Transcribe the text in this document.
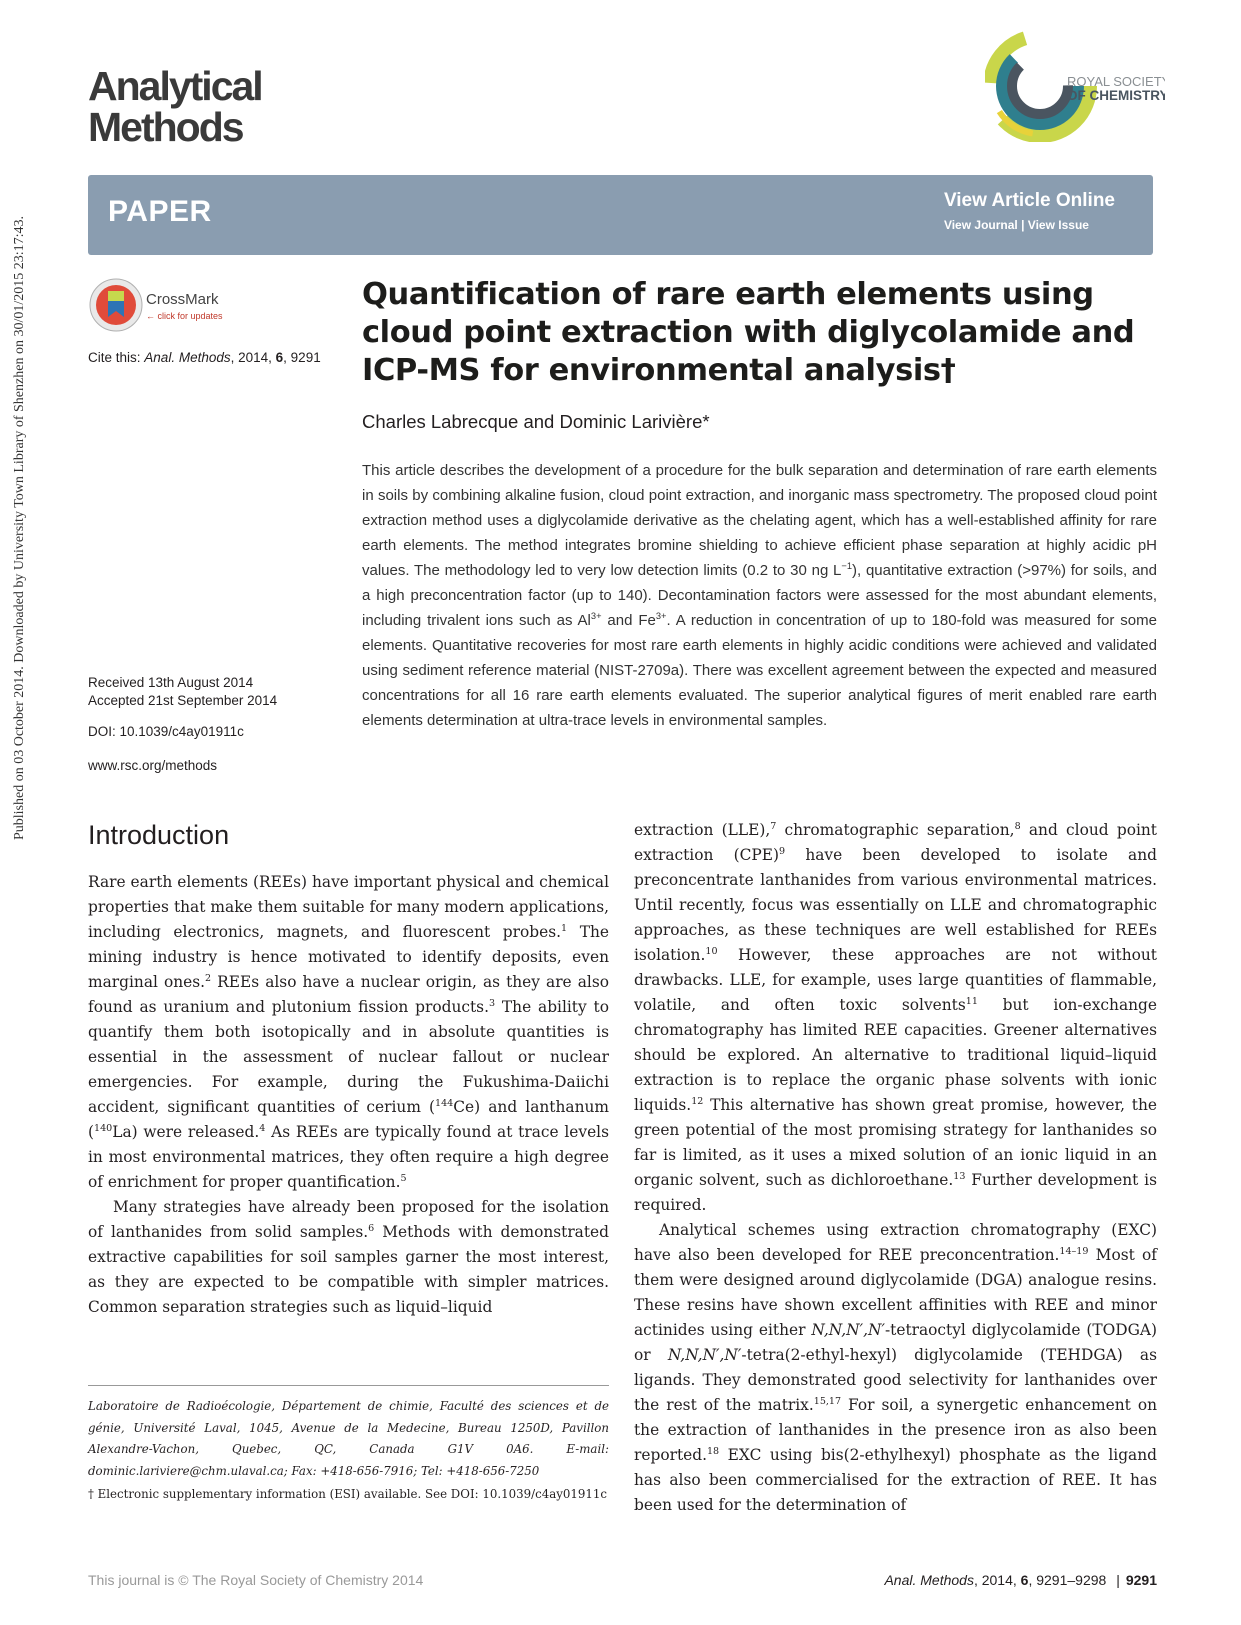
Published on 03 October 2014. Downloaded by University Town Library of Shenzhen on 30/01/2015 23:17:43.
Analytical
Methods
ROYAL SOCIETY
OF CHEMISTRY
PAPER	View Article Online
View Journal | View Issue
CrossMark
← click for updates
Cite this: Anal. Methods, 2014, 6, 9291
Received 13th August 2014
Accepted 21st September 2014
DOI: 10.1039/c4ay01911c
www.rsc.org/methods
Quantification of rare earth elements using cloud point extraction with diglycolamide and ICP-MS for environmental analysis†
Charles Labrecque and Dominic Larivière*
This article describes the development of a procedure for the bulk separation and determination of rare earth elements in soils by combining alkaline fusion, cloud point extraction, and inorganic mass spectrometry. The proposed cloud point extraction method uses a diglycolamide derivative as the chelating agent, which has a well-established affinity for rare earth elements. The method integrates bromine shielding to achieve efficient phase separation at highly acidic pH values. The methodology led to very low detection limits (0.2 to 30 ng $L^{-1}$), quantitative extraction (>97%) for soils, and a high preconcentration factor (up to 140). Decontamination factors were assessed for the most abundant elements, including trivalent ions such as $Al^{3+}$ and $Fe^{3+}$. A reduction in concentration of up to 180-fold was measured for some elements. Quantitative recoveries for most rare earth elements in highly acidic conditions were achieved and validated using sediment reference material (NIST-2709a). There was excellent agreement between the expected and measured concentrations for all 16 rare earth elements evaluated. The superior analytical figures of merit enabled rare earth elements determination at ultra-trace levels in environmental samples.
Introduction

Rare earth elements (REEs) have important physical and chemical properties that make them suitable for many modern applications, including electronics, magnets, and fluorescent probes.$^1$ The mining industry is hence motivated to identify deposits, even marginal ones.$^2$ REEs also have a nuclear origin, as they are also found as uranium and plutonium fission products.$^3$ The ability to quantify them both isotopically and in absolute quantities is essential in the assessment of nuclear fallout or nuclear emergencies. For example, during the Fukushima-Daiichi accident, significant quantities of cerium ($^{144}$Ce) and lanthanum ($^{140}$La) were released.$^4$ As REEs are typically found at trace levels in most environmental matrices, they often require a high degree of enrichment for proper quantification.$^5$

Many strategies have already been proposed for the isolation of lanthanides from solid samples.$^6$ Methods with demonstrated extractive capabilities for soil samples garner the most interest, as they are expected to be compatible with simpler matrices. Common separation strategies such as liquid–liquid

extraction (LLE),$^7$ chromatographic separation,$^8$ and cloud point extraction (CPE)$^9$ have been developed to isolate and preconcentrate lanthanides from various environmental matrices. Until recently, focus was essentially on LLE and chromatographic approaches, as these techniques are well established for REEs isolation.$^{10}$ However, these approaches are not without drawbacks. LLE, for example, uses large quantities of flammable, volatile, and often toxic solvents$^{11}$ but ion-exchange chromatography has limited REE capacities. Greener alternatives should be explored. An alternative to traditional liquid–liquid extraction is to replace the organic phase solvents with ionic liquids.$^{12}$ This alternative has shown great promise, however, the green potential of the most promising strategy for lanthanides so far is limited, as it uses a mixed solution of an ionic liquid in an organic solvent, such as dichloroethane.$^{13}$ Further development is required.

Analytical schemes using extraction chromatography (EXC) have also been developed for REE preconcentration.$^{14-19}$ Most of them were designed around diglycolamide (DGA) analogue resins. These resins have shown excellent affinities with REE and minor actinides using either N,N,N′,N′-tetraoctyl diglycolamide (TODGA) or N,N,N′,N′-tetra(2-ethyl-hexyl) diglycolamide (TEHDGA) as ligands. They demonstrated good selectivity for lanthanides over the rest of the matrix.$^{15,17}$ For soil, a synergetic enhancement on the extraction of lanthanides in the presence iron as also been reported.$^{18}$ EXC using bis(2-ethylhexyl) phosphate as the ligand has also been commercialised for the extraction of REE. It has been used for the determination of

Laboratoire de Radioécologie, Département de chimie, Faculté des sciences et de génie, Université Laval, 1045, Avenue de la Medecine, Bureau 1250D, Pavillon Alexandre-Vachon, Quebec, QC, Canada G1V 0A6. E-mail: dominic.lariviere@chm.ulaval.ca; Fax: +418-656-7916; Tel: +418-656-7250

† Electronic supplementary information (ESI) available. See DOI: 10.1039/c4ay01911c

This journal is © The Royal Society of Chemistry 2014	Anal. Methods, 2014, 6, 9291–9298 | 9291
